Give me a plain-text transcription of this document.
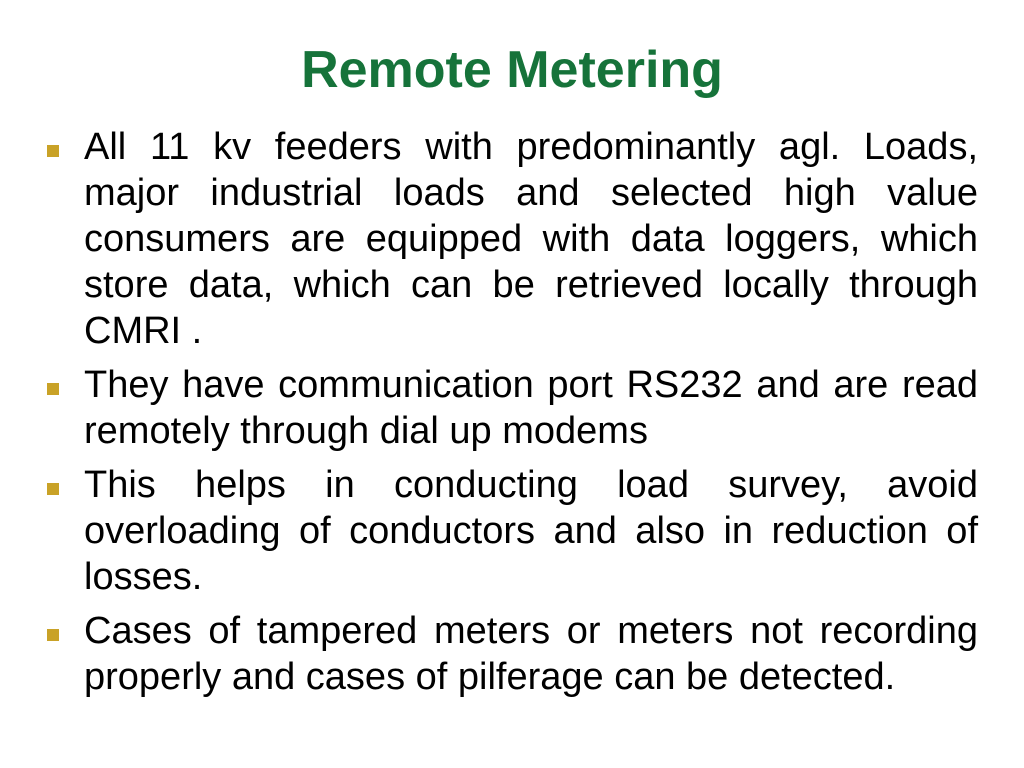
Remote Metering
All 11 kv feeders with predominantly agl. Loads, major industrial loads and selected high value consumers are equipped with data loggers, which store data, which can be retrieved locally through CMRI .
They have communication port RS232 and are read remotely through dial up modems
This helps in conducting load survey, avoid overloading of conductors and also in reduction of losses.
Cases of tampered meters or meters not recording properly and cases of pilferage can be detected.
